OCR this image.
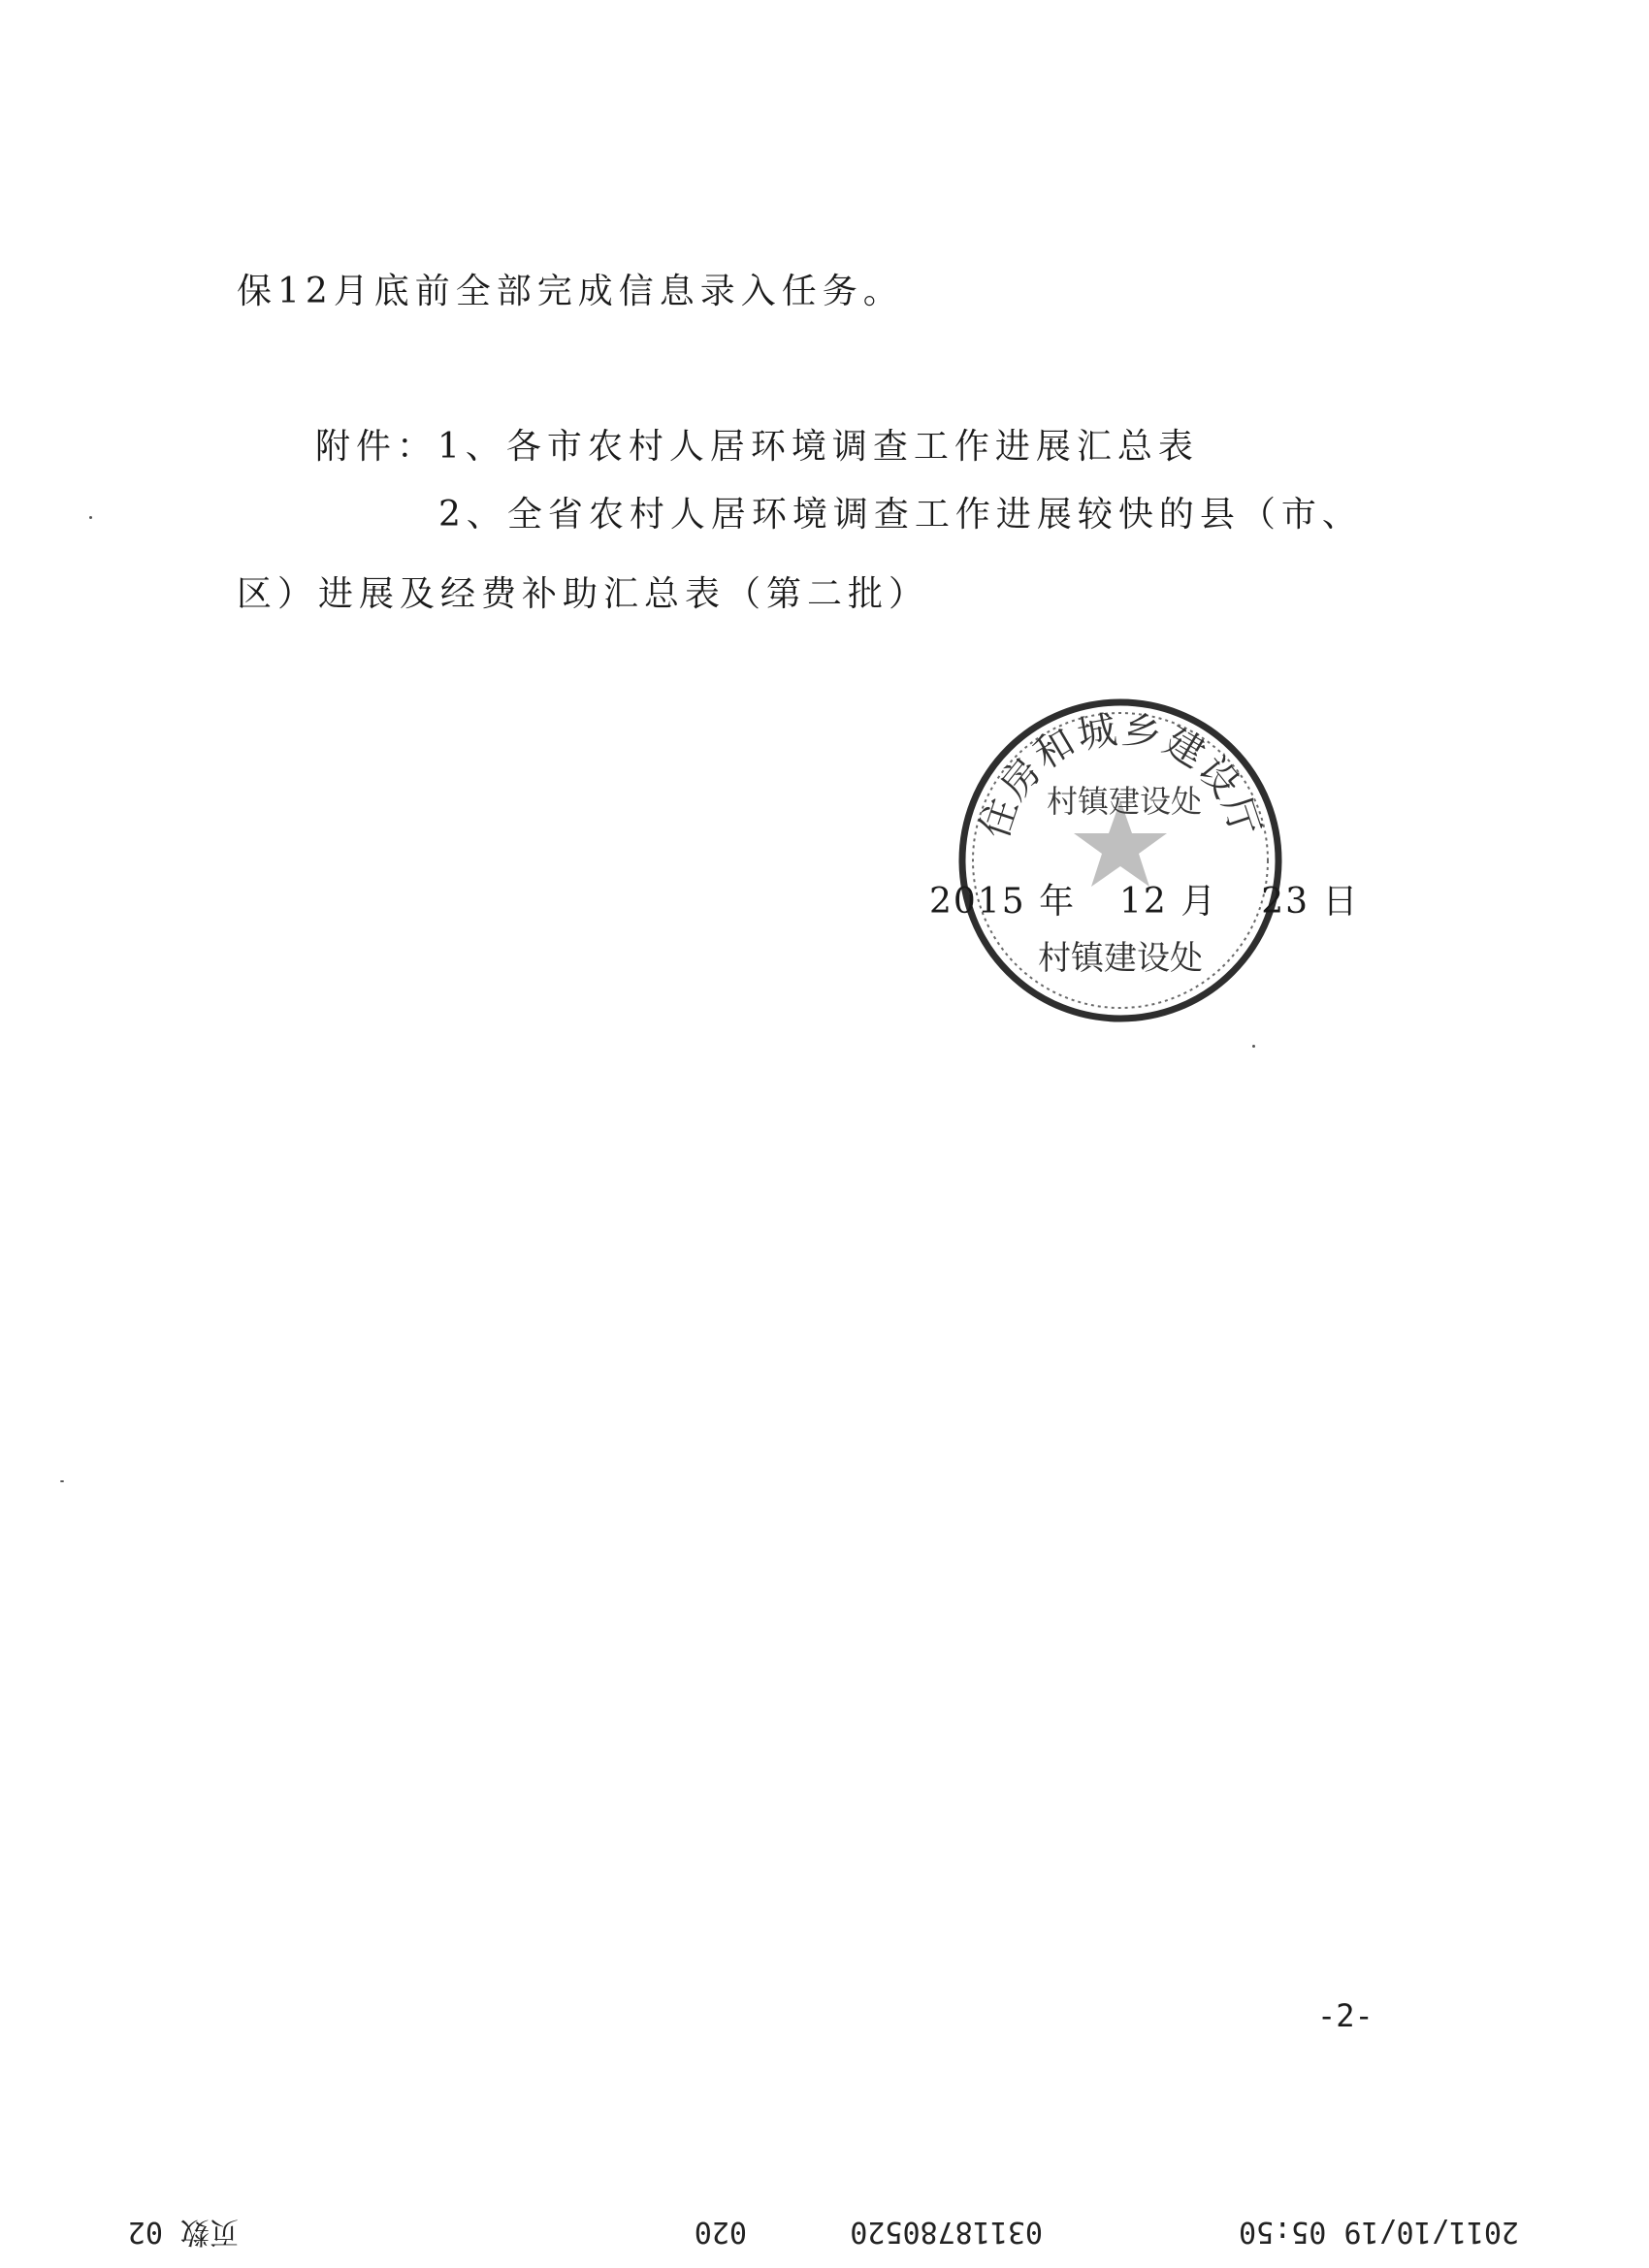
保12月底前全部完成信息录入任务。
附件：1、各市农村人居环境调查工作进展汇总表
2、全省农村人居环境调查工作进展较快的县（市、
区）进展及经费补助汇总表（第二批）
住房和城乡建设厅
村镇建设处
村镇建设处
2015 年 12 月 23 日
-2-
2011/10/19 05:50
03118780520
020
页数 02
